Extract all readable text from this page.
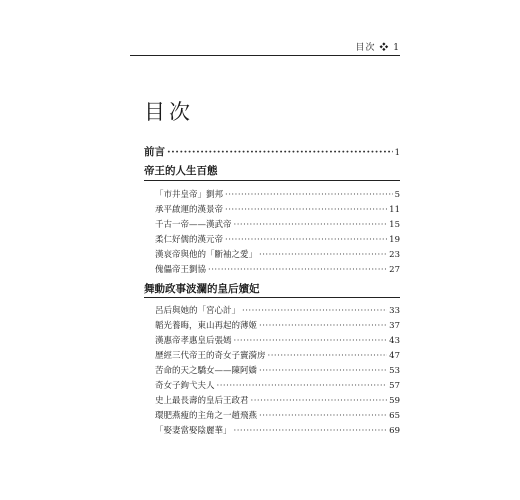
目次 ❖ 1
目次
前言 ·····	1
帝王的人生百態
「市井皇帝」劉邦 ·····	5
承平啟運的漢景帝 ·····	11
千古一帝——漢武帝 ·····	15
柔仁好儒的漢元帝 ·····	19
漢哀帝與他的「斷袖之愛」 ·····	23
傀儡帝王劉協 ·····	27
舞動政事波瀾的皇后嬪妃
呂后與她的「宮心計」 ·····	33
韜光養晦，東山再起的薄姬 ·····	37
漢惠帝孝惠皇后張嫣 ·····	43
歷經三代帝王的奇女子竇漪房 ·····	47
苦命的天之驕女——陳阿嬌 ·····	53
奇女子鉤弋夫人 ·····	57
史上最長壽的皇后王政君 ·····	59
環肥燕瘦的主角之一趙飛燕 ·····	65
「娶妻當娶陰麗華」 ·····	69
